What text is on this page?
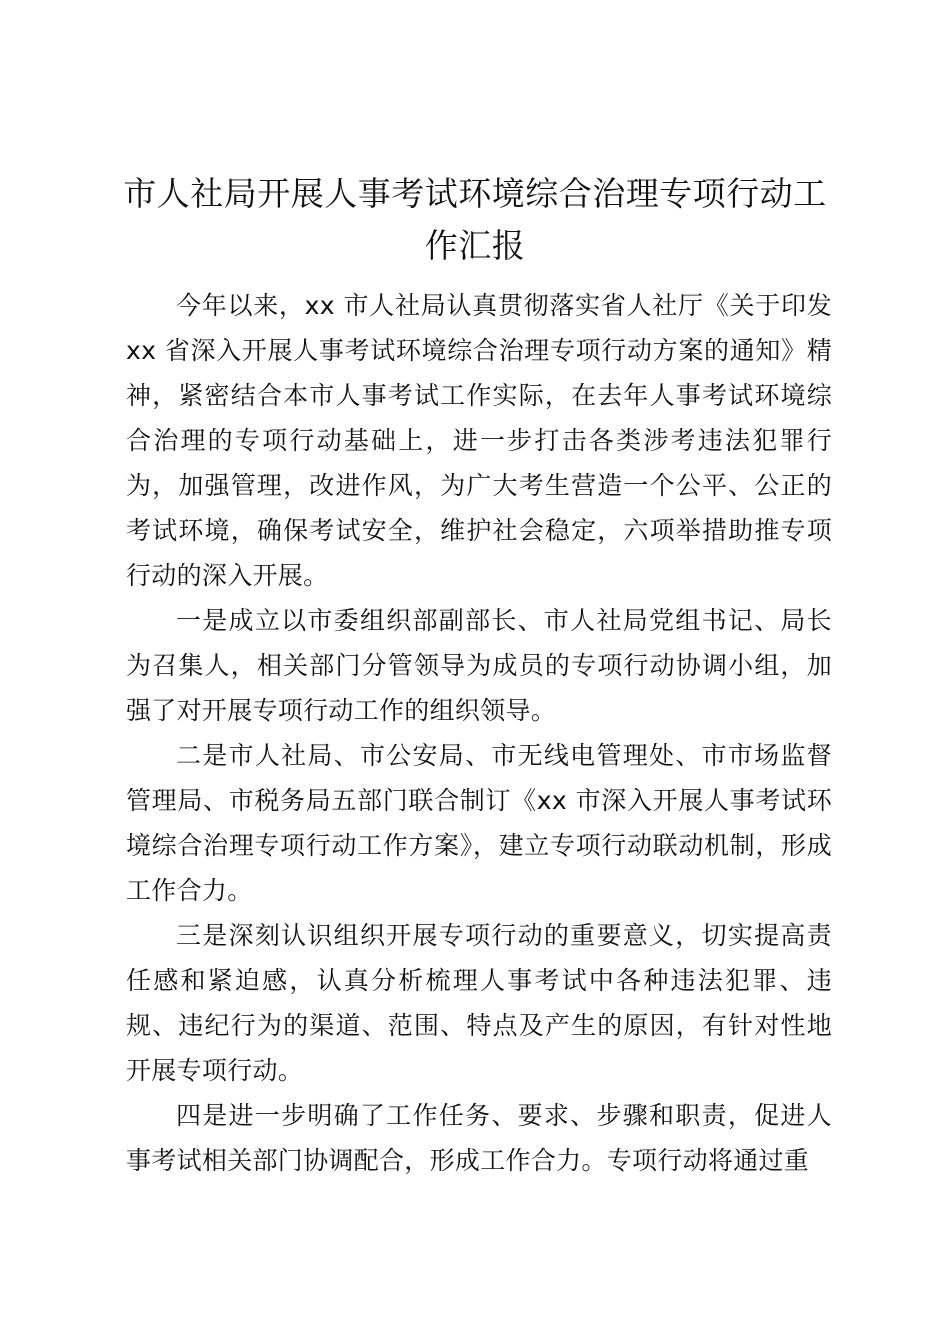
市人社局开展人事考试环境综合治理专项行动工作汇报

今年以来，xx 市人社局认真贯彻落实省人社厅《关于印发 xx 省深入开展人事考试环境综合治理专项行动方案的通知》精神，紧密结合本市人事考试工作实际，在去年人事考试环境综合治理的专项行动基础上，进一步打击各类涉考违法犯罪行为，加强管理，改进作风，为广大考生营造一个公平、公正的考试环境，确保考试安全，维护社会稳定，六项举措助推专项行动的深入开展。

一是成立以市委组织部副部长、市人社局党组书记、局长为召集人，相关部门分管领导为成员的专项行动协调小组，加强了对开展专项行动工作的组织领导。

二是市人社局、市公安局、市无线电管理处、市市场监督管理局、市税务局五部门联合制订《xx 市深入开展人事考试环境综合治理专项行动工作方案》，建立专项行动联动机制，形成工作合力。

三是深刻认识组织开展专项行动的重要意义，切实提高责任感和紧迫感，认真分析梳理人事考试中各种违法犯罪、违规、违纪行为的渠道、范围、特点及产生的原因，有针对性地开展专项行动。

四是进一步明确了工作任务、要求、步骤和职责，促进人事考试相关部门协调配合，形成工作合力。专项行动将通过重
